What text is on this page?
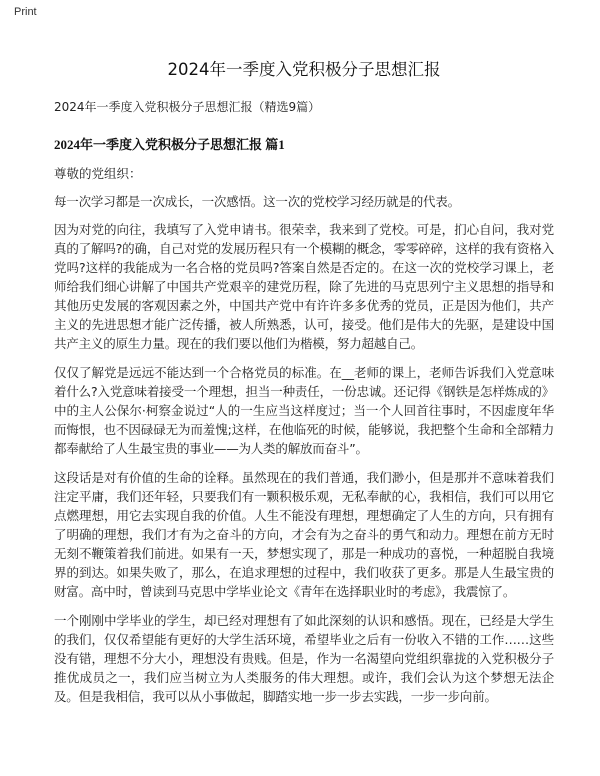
Print
2024年一季度入党积极分子思想汇报
2024年一季度入党积极分子思想汇报（精选9篇）
2024年一季度入党积极分子思想汇报 篇1
尊敬的党组织：

每一次学习都是一次成长，一次感悟。这一次的党校学习经历就是的代表。

因为对党的向往，我填写了入党申请书。很荣幸，我来到了党校。可是，扪心自问，我对党真的了解吗?的确，自己对党的发展历程只有一个模糊的概念，零零碎碎，这样的我有资格入党吗?这样的我能成为一名合格的党员吗?答案自然是否定的。在这一次的党校学习课上，老师给我们细心讲解了中国共产党艰辛的建党历程，除了先进的马克思列宁主义思想的指导和其他历史发展的客观因素之外，中国共产党中有许许多多优秀的党员，正是因为他们，共产主义的先进思想才能广泛传播，被人所熟悉，认可，接受。他们是伟大的先驱，是建设中国共产主义的原生力量。现在的我们要以他们为楷模，努力超越自己。

仅仅了解党是远远不能达到一个合格党员的标准。在__老师的课上，老师告诉我们入党意味着什么?入党意味着接受一个理想，担当一种责任，一份忠诚。还记得《钢铁是怎样炼成的》中的主人公保尔·柯察金说过“人的一生应当这样度过；当一个人回首往事时，不因虚度年华而悔恨，也不因碌碌无为而羞愧;这样，在他临死的时候，能够说，我把整个生命和全部精力都奉献给了人生最宝贵的事业——为人类的解放而奋斗”。

这段话是对有价值的生命的诠释。虽然现在的我们普通，我们渺小，但是那并不意味着我们注定平庸，我们还年轻，只要我们有一颗积极乐观，无私奉献的心，我相信，我们可以用它点燃理想，用它去实现自我的价值。人生不能没有理想，理想确定了人生的方向，只有拥有了明确的理想，我们才有为之奋斗的方向，才会有为之奋斗的勇气和动力。理想在前方无时无刻不鞭策着我们前进。如果有一天，梦想实现了，那是一种成功的喜悦，一种超脱自我境界的到达。如果失败了，那么，在追求理想的过程中，我们收获了更多。那是人生最宝贵的财富。高中时，曾读到马克思中学毕业论文《青年在选择职业时的考虑》，我震惊了。

一个刚刚中学毕业的学生，却已经对理想有了如此深刻的认识和感悟。现在，已经是大学生的我们，仅仅希望能有更好的大学生活环境，希望毕业之后有一份收入不错的工作……这些没有错，理想不分大小，理想没有贵贱。但是，作为一名渴望向党组织靠拢的入党积极分子推优成员之一，我们应当树立为人类服务的伟大理想。或许，我们会认为这个梦想无法企及。但是我相信，我可以从小事做起，脚踏实地一步一步去实践，一步一步向前。
